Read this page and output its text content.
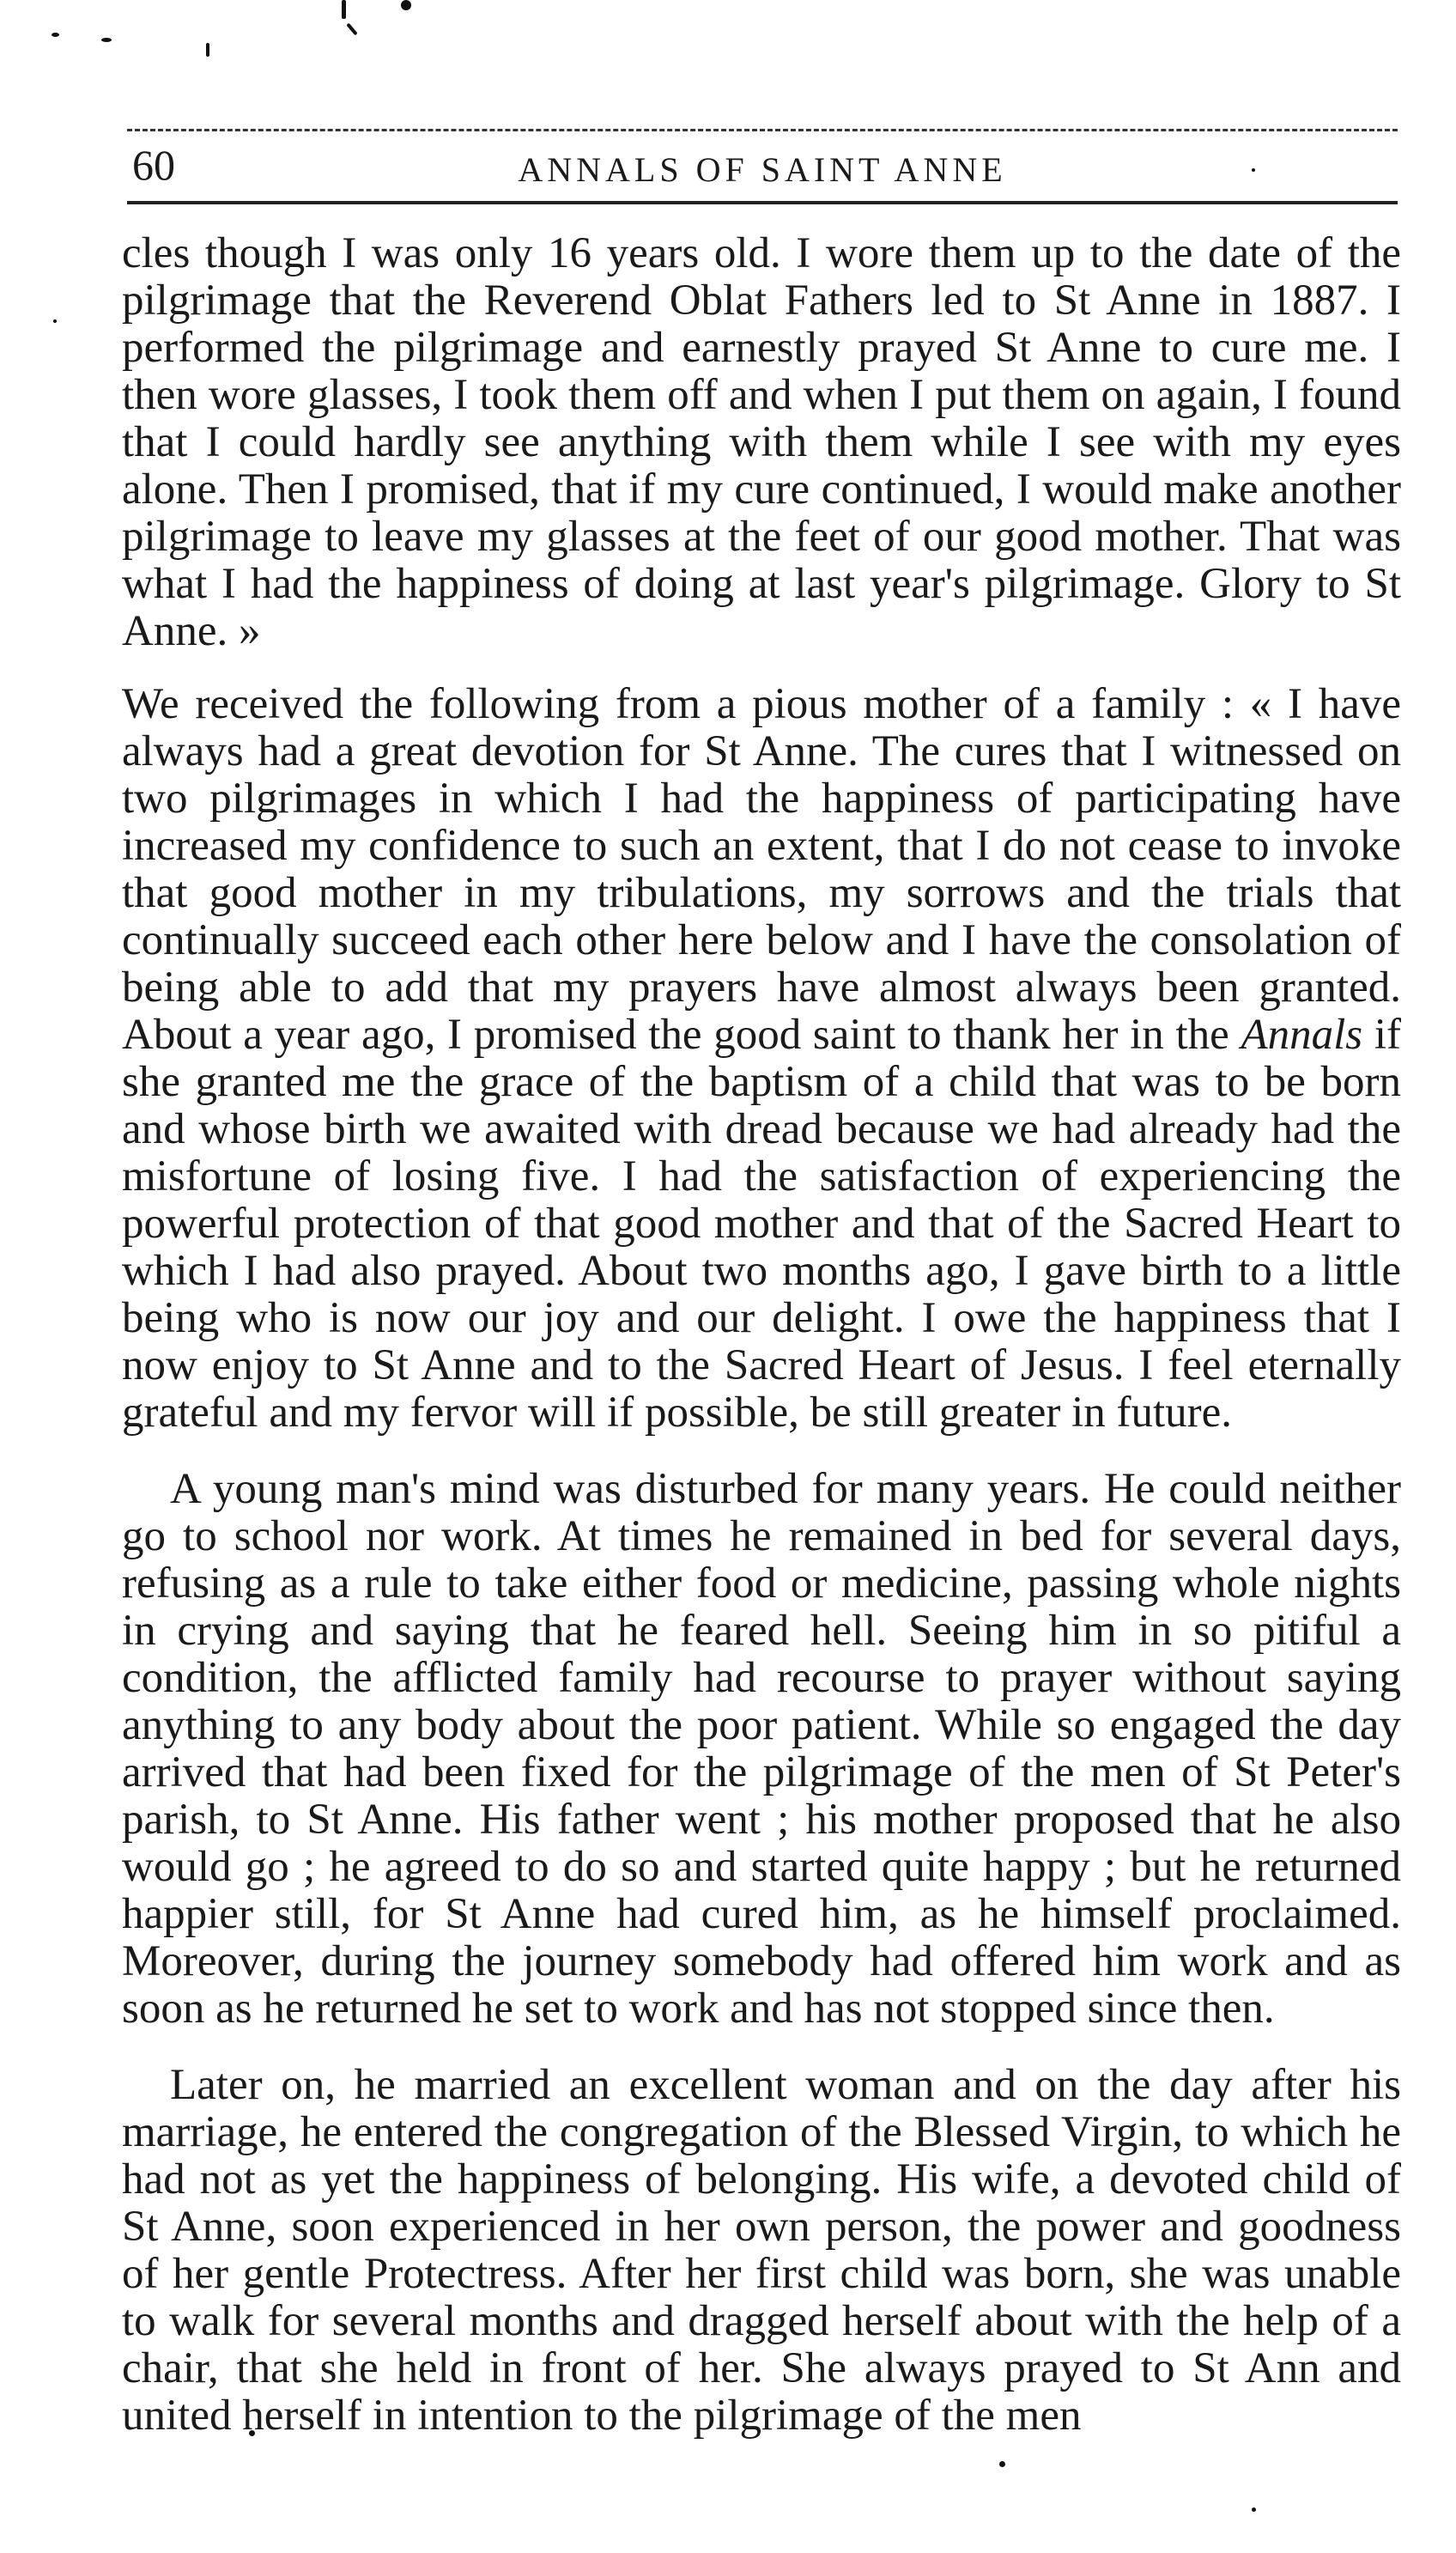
60	ANNALS OF SAINT ANNE

cles though I was only 16 years old. I wore them up to the date of the pilgrimage that the Reverend Oblat Fathers led to St Anne in 1887. I performed the pilgrimage and earnestly prayed St Anne to cure me. I then wore glasses, I took them off and when I put them on again, I found that I could hardly see anything with them while I see with my eyes alone. Then I promised, that if my cure continued, I would make another pilgrimage to leave my glasses at the feet of our good mother. That was what I had the happiness of doing at last year's pilgrimage. Glory to St Anne. »

We received the following from a pious mother of a family : « I have always had a great devotion for St Anne. The cures that I witnessed on two pilgrimages in which I had the happiness of participating have increased my confidence to such an extent, that I do not cease to invoke that good mother in my tribulations, my sorrows and the trials that continually succeed each other here below and I have the consolation of being able to add that my prayers have almost always been granted. About a year ago, I promised the good saint to thank her in the Annals if she granted me the grace of the baptism of a child that was to be born and whose birth we awaited with dread because we had already had the misfortune of losing five. I had the satisfaction of experiencing the powerful protection of that good mother and that of the Sacred Heart to which I had also prayed. About two months ago, I gave birth to a little being who is now our joy and our delight. I owe the happiness that I now enjoy to St Anne and to the Sacred Heart of Jesus. I feel eternally grateful and my fervor will if possible, be still greater in future.

A young man's mind was disturbed for many years. He could neither go to school nor work. At times he remained in bed for several days, refusing as a rule to take either food or medicine, passing whole nights in crying and saying that he feared hell. Seeing him in so pitiful a condition, the afflicted family had recourse to prayer without saying anything to any body about the poor patient. While so engaged the day arrived that had been fixed for the pilgrimage of the men of St Peter's parish, to St Anne. His father went ; his mother proposed that he also would go ; he agreed to do so and started quite happy ; but he returned happier still, for St Anne had cured him, as he himself proclaimed. Moreover, during the journey somebody had offered him work and as soon as he returned he set to work and has not stopped since then.

Later on, he married an excellent woman and on the day after his marriage, he entered the congregation of the Blessed Virgin, to which he had not as yet the happiness of belonging. His wife, a devoted child of St Anne, soon experienced in her own person, the power and goodness of her gentle Protectress. After her first child was born, she was unable to walk for several months and dragged herself about with the help of a chair, that she held in front of her. She always prayed to St Ann and united herself in intention to the pilgrimage of the men
